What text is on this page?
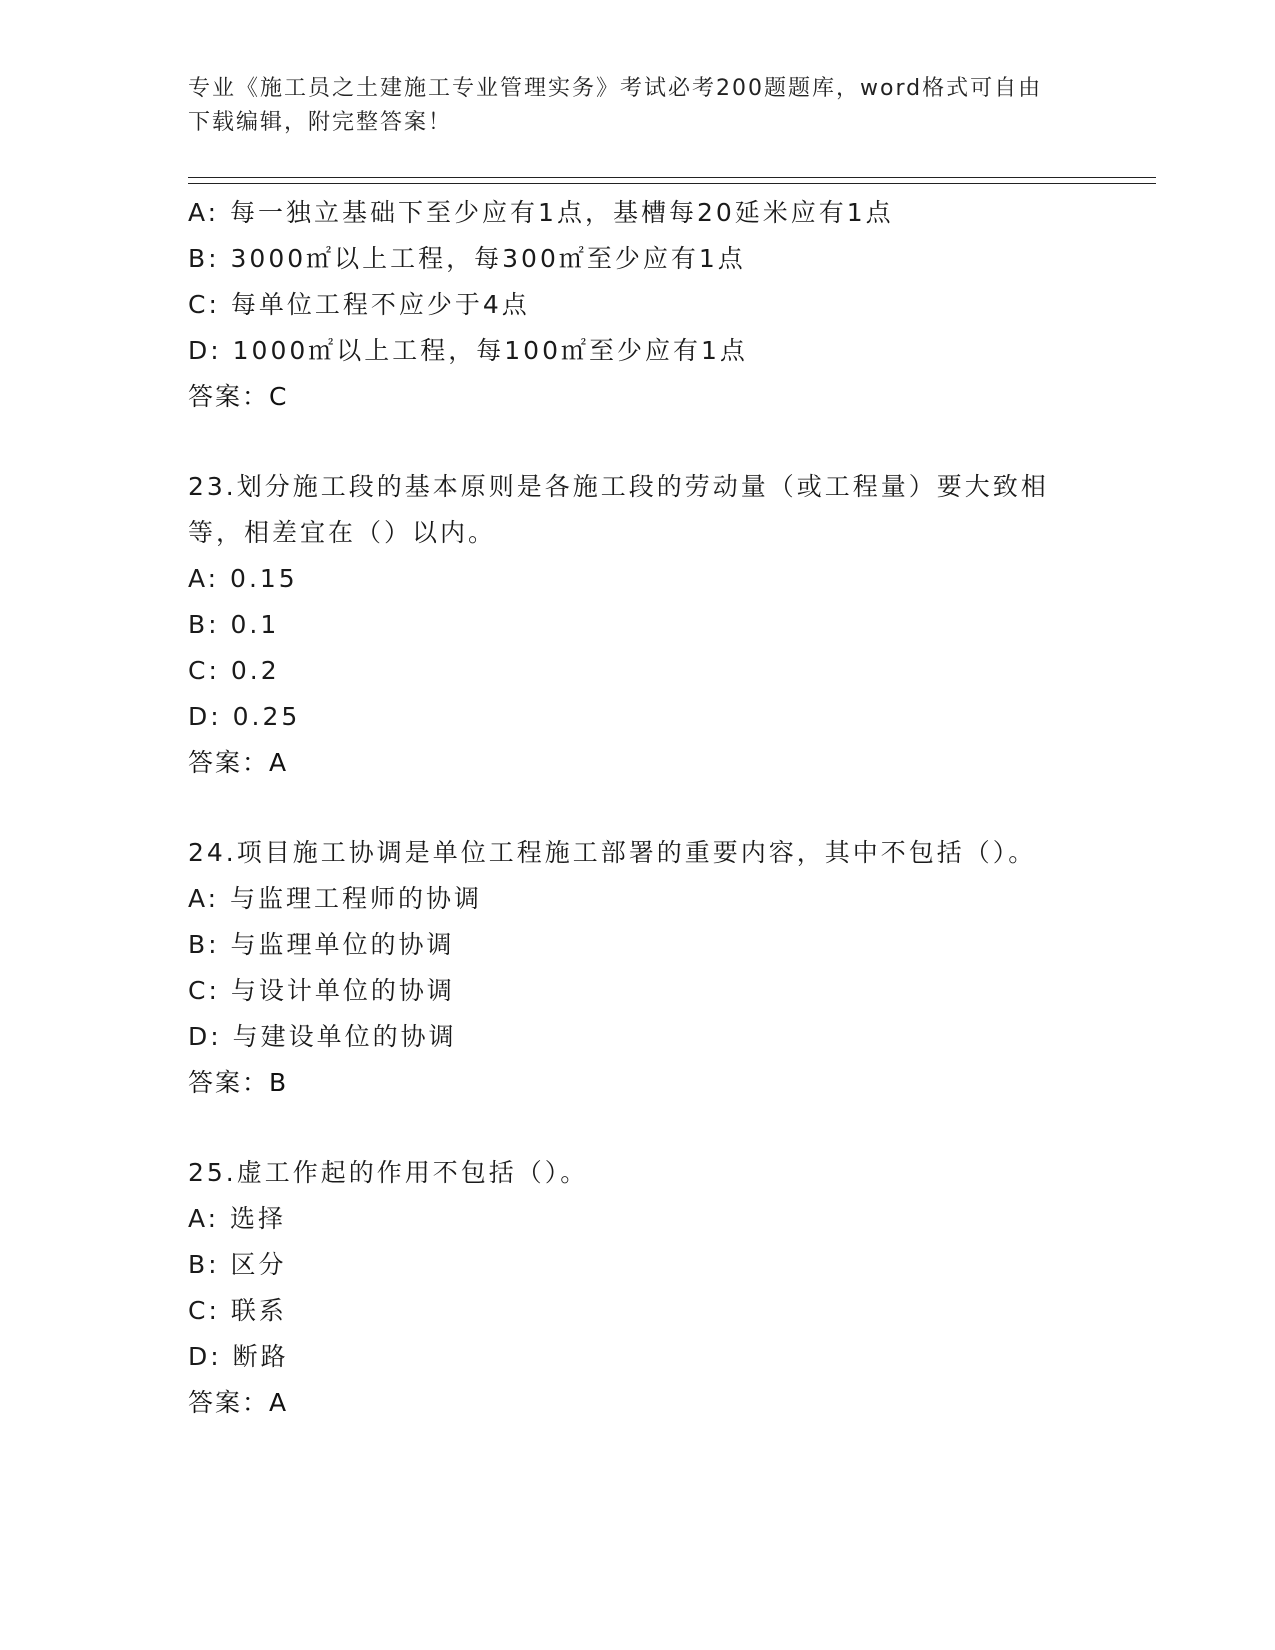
专业《施工员之土建施工专业管理实务》考试必考200题题库，word格式可自由
下载编辑，附完整答案！
A: 每一独立基础下至少应有1点，基槽每20延米应有1点
B: 3000㎡以上工程，每300㎡至少应有1点
C: 每单位工程不应少于4点
D: 1000㎡以上工程，每100㎡至少应有1点
答案：C
23.划分施工段的基本原则是各施工段的劳动量（或工程量）要大致相
等，相差宜在（）以内。
A: 0.15
B: 0.1
C: 0.2
D: 0.25
答案：A
24.项目施工协调是单位工程施工部署的重要内容，其中不包括（）。
A: 与监理工程师的协调
B: 与监理单位的协调
C: 与设计单位的协调
D: 与建设单位的协调
答案：B
25.虚工作起的作用不包括（）。
A: 选择
B: 区分
C: 联系
D: 断路
答案：A
